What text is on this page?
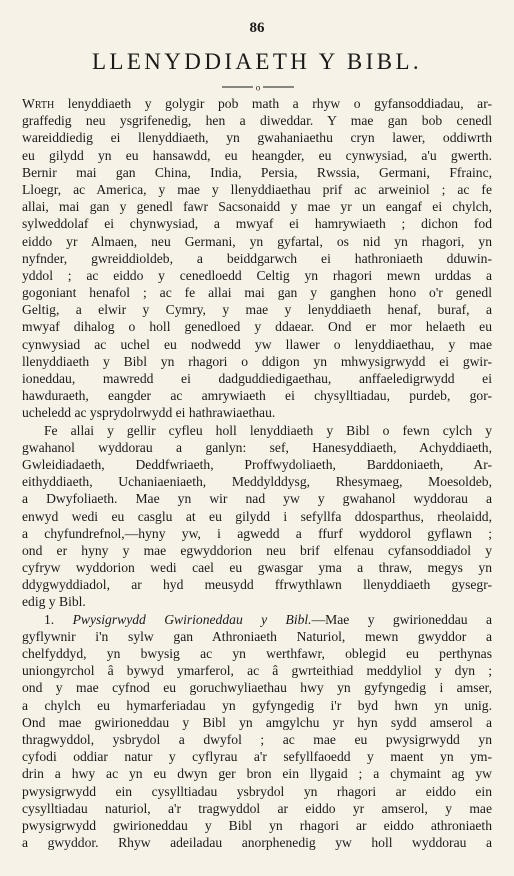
86
LLENYDDIAETH Y BIBL.
o
Wrth lenyddiaeth y golygir pob math a rhyw o gyfansoddiadau, ar-
graffedig neu ysgrifenedig, hen a diweddar. Y mae gan bob cenedl
wareiddiedig ei llenyddiaeth, yn gwahaniaethu cryn lawer, oddiwrth
eu gilydd yn eu hansawdd, eu heangder, eu cynwysiad, a'u gwerth.
Bernir mai gan China, India, Persia, Rwssia, Germani, Ffrainc,
Lloegr, ac America, y mae y llenyddiaethau prif ac arweiniol ; ac fe
allai, mai gan y genedl fawr Sacsonaidd y mae yr un eangaf ei chylch,
sylweddolaf ei chynwysiad, a mwyaf ei hamrywiaeth ; dichon fod
eiddo yr Almaen, neu Germani, yn gyfartal, os nid yn rhagori, yn
nyfnder, gwreiddioldeb, a beiddgarwch ei hathroniaeth dduwin-
yddol ; ac eiddo y cenedloedd Celtig yn rhagori mewn urddas a
gogoniant henafol ; ac fe allai mai gan y ganghen hono o'r genedl
Geltig, a elwir y Cymry, y mae y lenyddiaeth henaf, buraf, a
mwyaf dihalog o holl genedloed y ddaear. Ond er mor helaeth eu
cynwysiad ac uchel eu nodwedd yw llawer o lenyddiaethau, y mae
llenyddiaeth y Bibl yn rhagori o ddigon yn mhwysigrwydd ei gwir-
ioneddau, mawredd ei dadguddiedigaethau, anffaeledigrwydd ei
hawduraeth, eangder ac amrywiaeth ei chysylltiadau, purdeb, gor-
ucheledd ac ysprydolrwydd ei hathrawiaethau.
Fe allai y gellir cyfleu holl lenyddiaeth y Bibl o fewn cylch y
gwahanol wyddorau a ganlyn: sef, Hanesyddiaeth, Achyddiaeth,
Gwleidiadaeth, Deddfwriaeth, Proffwydoliaeth, Barddoniaeth, Ar-
eithyddiaeth, Uchaniaeniaeth, Meddylddysg, Rhesymaeg, Moesoldeb,
a Dwyfoliaeth. Mae yn wir nad yw y gwahanol wyddorau a
enwyd wedi eu casglu at eu gilydd i sefyllfa ddosparthus, rheolaidd,
a chyfundrefnol,—hyny yw, i agwedd a ffurf wyddorol gyflawn ;
ond er hyny y mae egwyddorion neu brif elfenau cyfansoddiadol y
cyfryw wyddorion wedi cael eu gwasgar yma a thraw, megys yn
ddygwyddiadol, ar hyd meusydd ffrwythlawn llenyddiaeth gysegr-
edig y Bibl.
1. Pwysigrwydd Gwirioneddau y Bibl.—Mae y gwirioneddau a
gyflywnir i'n sylw gan Athroniaeth Naturiol, mewn gwyddor a
chelfyddyd, yn bwysig ac yn werthfawr, oblegid eu perthynas
uniongyrchol â bywyd ymarferol, ac â gwrteithiad meddyliol y dyn ;
ond y mae cyfnod eu goruchwyliaethau hwy yn gyfyngedig i amser,
a chylch eu hymarferiadau yn gyfyngedig i'r byd hwn yn unig.
Ond mae gwirioneddau y Bibl yn amgylchu yr hyn sydd amserol a
thragwyddol, ysbrydol a dwyfol ; ac mae eu pwysigrwydd yn
cyfodi oddiar natur y cyflyrau a'r sefyllfaoedd y maent yn ym-
drin a hwy ac yn eu dwyn ger bron ein llygaid ; a chymaint ag yw
pwysigrwydd ein cysylltiadau ysbrydol yn rhagori ar eiddo ein
cysylltiadau naturiol, a'r tragwyddol ar eiddo yr amserol, y mae
pwysigrwydd gwirioneddau y Bibl yn rhagori ar eiddo athroniaeth
a gwyddor. Rhyw adeiladau anorphenedig yw holl wyddorau a
